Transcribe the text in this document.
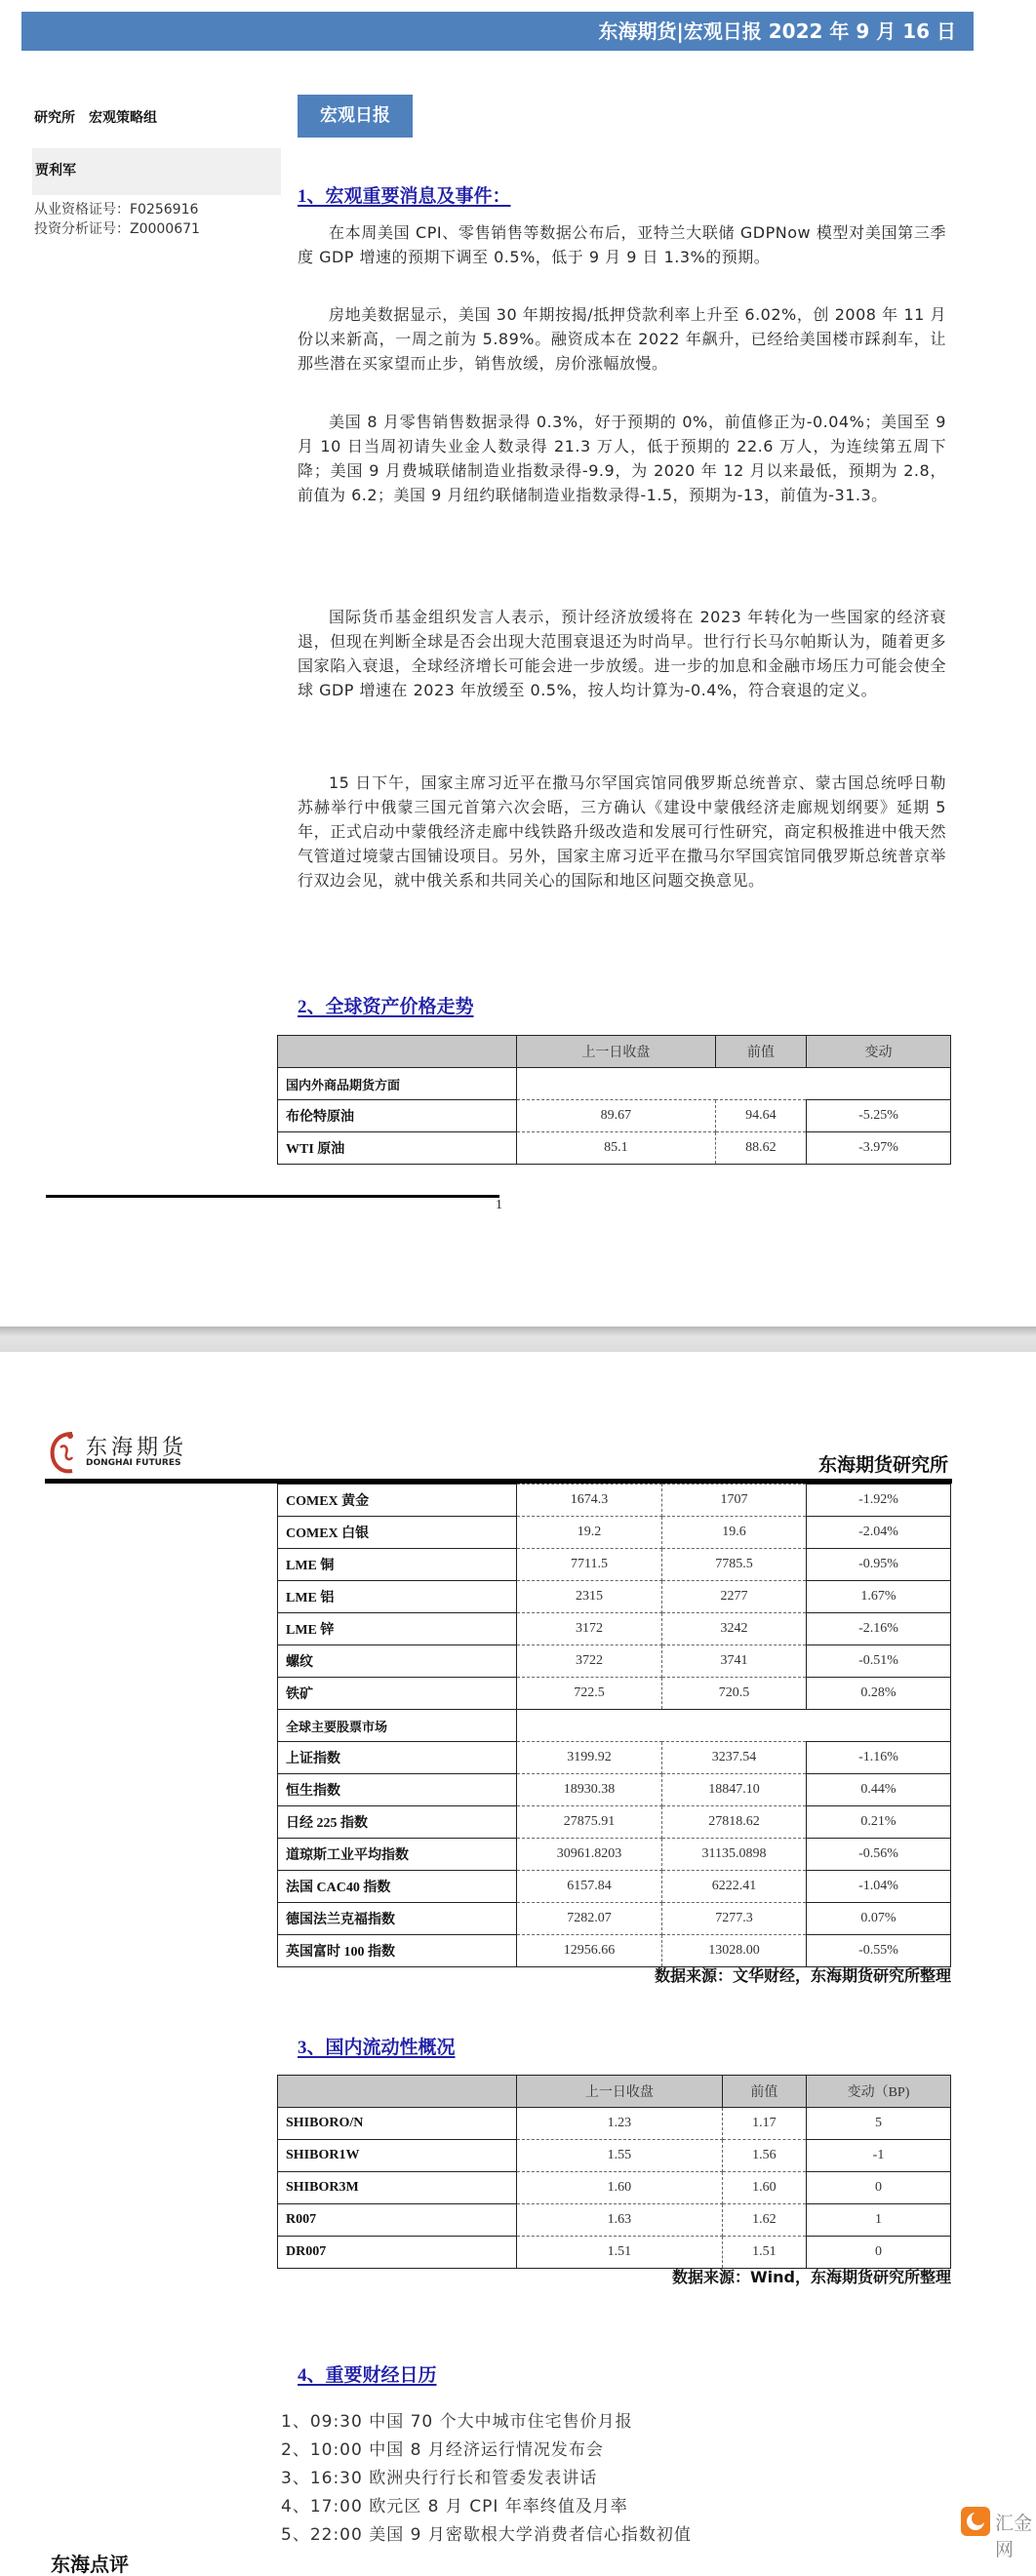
东海期货|宏观日报 2022 年 9 月 16 日
研究所　宏观策略组
贾利军
从业资格证号：F0256916
投资分析证号：Z0000671
宏观日报
1、宏观重要消息及事件：
在本周美国 CPI、零售销售等数据公布后，亚特兰大联储 GDPNow 模型对美国第三季度 GDP 增速的预期下调至 0.5%，低于 9 月 9 日 1.3%的预期。
房地美数据显示，美国 30 年期按揭/抵押贷款利率上升至 6.02%，创 2008 年 11 月份以来新高，一周之前为 5.89%。融资成本在 2022 年飙升，已经给美国楼市踩刹车，让那些潜在买家望而止步，销售放缓，房价涨幅放慢。
美国 8 月零售销售数据录得 0.3%，好于预期的 0%，前值修正为-0.04%；美国至 9 月 10 日当周初请失业金人数录得 21.3 万人，低于预期的 22.6 万人，为连续第五周下降；美国 9 月费城联储制造业指数录得-9.9，为 2020 年 12 月以来最低，预期为 2.8，前值为 6.2；美国 9 月纽约联储制造业指数录得-1.5，预期为-13，前值为-31.3。
国际货币基金组织发言人表示，预计经济放缓将在 2023 年转化为一些国家的经济衰退，但现在判断全球是否会出现大范围衰退还为时尚早。世行行长马尔帕斯认为，随着更多国家陷入衰退，全球经济增长可能会进一步放缓。进一步的加息和金融市场压力可能会使全球 GDP 增速在 2023 年放缓至 0.5%，按人均计算为-0.4%，符合衰退的定义。
15 日下午，国家主席习近平在撒马尔罕国宾馆同俄罗斯总统普京、蒙古国总统呼日勒苏赫举行中俄蒙三国元首第六次会晤，三方确认《建设中蒙俄经济走廊规划纲要》延期 5 年，正式启动中蒙俄经济走廊中线铁路升级改造和发展可行性研究，商定积极推进中俄天然气管道过境蒙古国铺设项目。另外，国家主席习近平在撒马尔罕国宾馆同俄罗斯总统普京举行双边会见，就中俄关系和共同关心的国际和地区问题交换意见。
2、全球资产价格走势
	上一日收盘	前值	变动
国内外商品期货方面			
布伦特原油	89.67	94.64	-5.25%
WTI 原油	85.1	88.62	-3.97%
1
东海期货
DONGHAI FUTURES	东海期货研究所
COMEX 黄金	1674.3	1707	-1.92%
COMEX 白银	19.2	19.6	-2.04%
LME 铜	7711.5	7785.5	-0.95%
LME 铝	2315	2277	1.67%
LME 锌	3172	3242	-2.16%
螺纹	3722	3741	-0.51%
铁矿	722.5	720.5	0.28%
全球主要股票市场			
上证指数	3199.92	3237.54	-1.16%
恒生指数	18930.38	18847.10	0.44%
日经 225 指数	27875.91	27818.62	0.21%
道琼斯工业平均指数	30961.8203	31135.0898	-0.56%
法国 CAC40 指数	6157.84	6222.41	-1.04%
德国法兰克福指数	7282.07	7277.3	0.07%
英国富时 100 指数	12956.66	13028.00	-0.55%
数据来源：文华财经，东海期货研究所整理
3、国内流动性概况
	上一日收盘	前值	变动（BP)
SHIBORO/N	1.23	1.17	5
SHIBOR1W	1.55	1.56	-1
SHIBOR3M	1.60	1.60	0
R007	1.63	1.62	1
DR007	1.51	1.51	0
数据来源：Wind，东海期货研究所整理
4、重要财经日历
1、09:30 中国 70 个大中城市住宅售价月报
2、10:00 中国 8 月经济运行情况发布会
3、16:30 欧洲央行行长和管委发表讲话
4、17:00 欧元区 8 月 CPI 年率终值及月率
5、22:00 美国 9 月密歇根大学消费者信心指数初值
汇金网
东海点评
